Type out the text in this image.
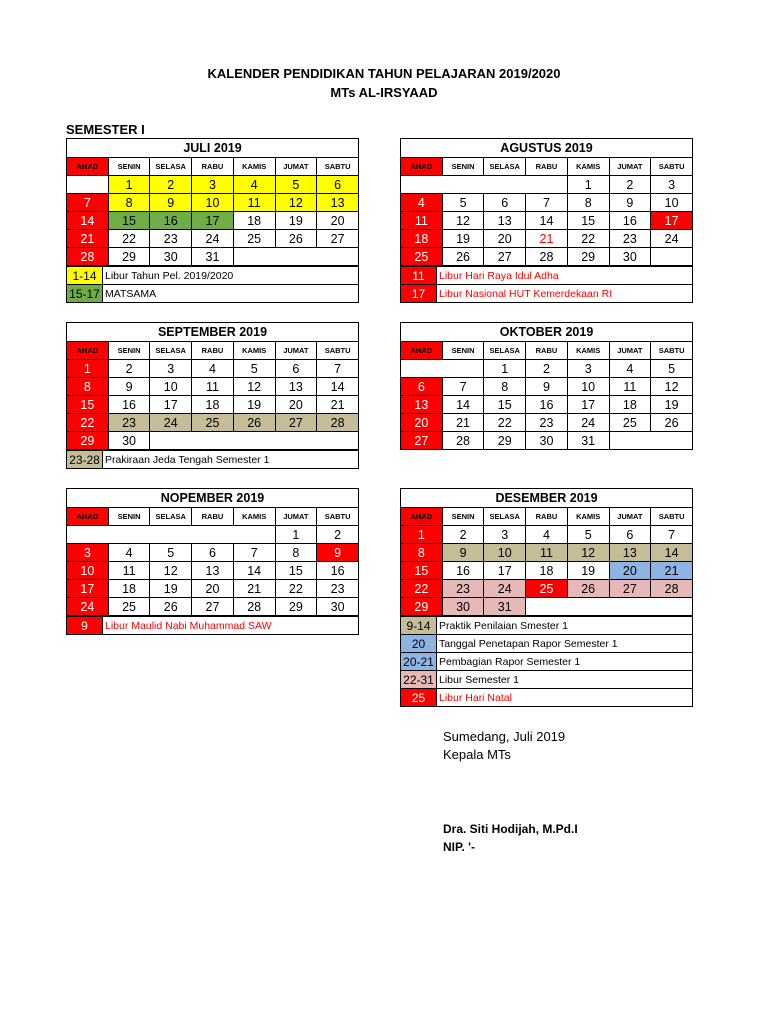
KALENDER PENDIDIKAN TAHUN PELAJARAN 2019/2020
MTs AL-IRSYAAD
SEMESTER I
JULI 2019						
AHAD	SENIN	SELASA	RABU	KAMIS	JUMAT	SABTU
	1	2	3	4	5	6
7	8	9	10	11	12	13
14	15	16	17	18	19	20
21	22	23	24	25	26	27
28	29	30	31			
1-14	Libur Tahun Pel. 2019/2020
15-17	MATSAMA
AGUSTUS 2019						
AHAD	SENIN	SELASA	RABU	KAMIS	JUMAT	SABTU
				1	2	3
4	5	6	7	8	9	10
11	12	13	14	15	16	17
18	19	20	21	22	23	24
25	26	27	28	29	30	
11	Libur Hari Raya Idul Adha
17	Libur Nasional HUT Kemerdekaan RI
SEPTEMBER 2019						
AHAD	SENIN	SELASA	RABU	KAMIS	JUMAT	SABTU
1	2	3	4	5	6	7
8	9	10	11	12	13	14
15	16	17	18	19	20	21
22	23	24	25	26	27	28
29	30					
23-28	Prakiraan Jeda Tengah Semester 1
OKTOBER 2019						
AHAD	SENIN	SELASA	RABU	KAMIS	JUMAT	SABTU
		1	2	3	4	5
6	7	8	9	10	11	12
13	14	15	16	17	18	19
20	21	22	23	24	25	26
27	28	29	30	31		
NOPEMBER 2019						
AHAD	SENIN	SELASA	RABU	KAMIS	JUMAT	SABTU
					1	2
3	4	5	6	7	8	9
10	11	12	13	14	15	16
17	18	19	20	21	22	23
24	25	26	27	28	29	30
9	Libur Maulid Nabi Muhammad SAW
DESEMBER 2019						
AHAD	SENIN	SELASA	RABU	KAMIS	JUMAT	SABTU
1	2	3	4	5	6	7
8	9	10	11	12	13	14
15	16	17	18	19	20	21
22	23	24	25	26	27	28
29	30	31				
9-14	Praktik Penilaian Smester 1
20	Tanggal Penetapan Rapor Semester 1
20-21	Pembagian Rapor Semester 1
22-31	Libur Semester 1
25	Libur Hari Natal
Sumedang, Juli 2019
Kepala MTs
Dra. Siti Hodijah, M.Pd.I
NIP. '-
